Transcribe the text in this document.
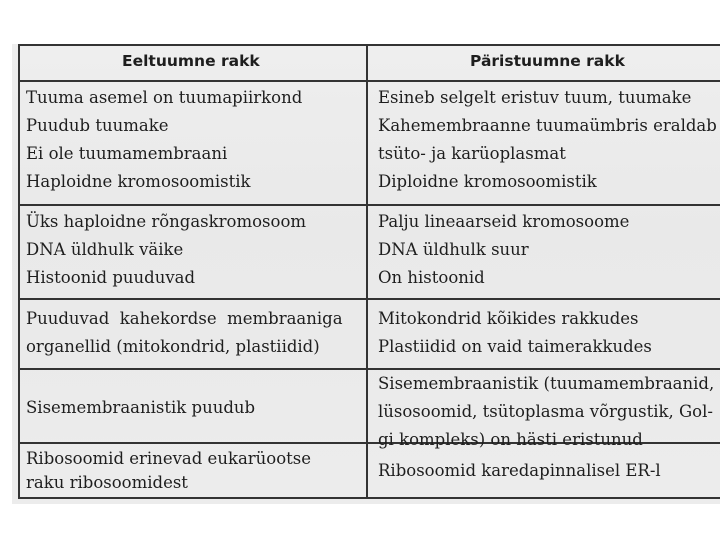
Eeltuumne rakk	Päristuumne rakk
Tuuma asemel on tuumapiirkond
Puudub tuumake
Ei ole tuumamembraani
Haploidne kromosoomistik
Esineb selgelt eristuv tuum, tuumake
Kahemembraanne tuumaümbris eraldab
tsüto- ja karüoplasmat
Diploidne kromosoomistik
Üks haploidne rõngaskromosoom
DNA üldhulk väike
Histoonid puuduvad
Palju lineaarseid kromosoome
DNA üldhulk suur
On histoonid
Puuduvad  kahekordse  membraaniga
organellid (mitokondrid, plastiidid)
Mitokondrid kõikides rakkudes
Plastiidid on vaid taimerakkudes
Sisemembraanistik puudub
Sisemembraanistik (tuumamembraanid,
lüsosoomid, tsütoplasma võrgustik, Gol-
gi kompleks) on hästi eristunud
Ribosoomid erinevad eukarüootse
raku ribosoomidest
Ribosoomid karedapinnalisel ER-l
